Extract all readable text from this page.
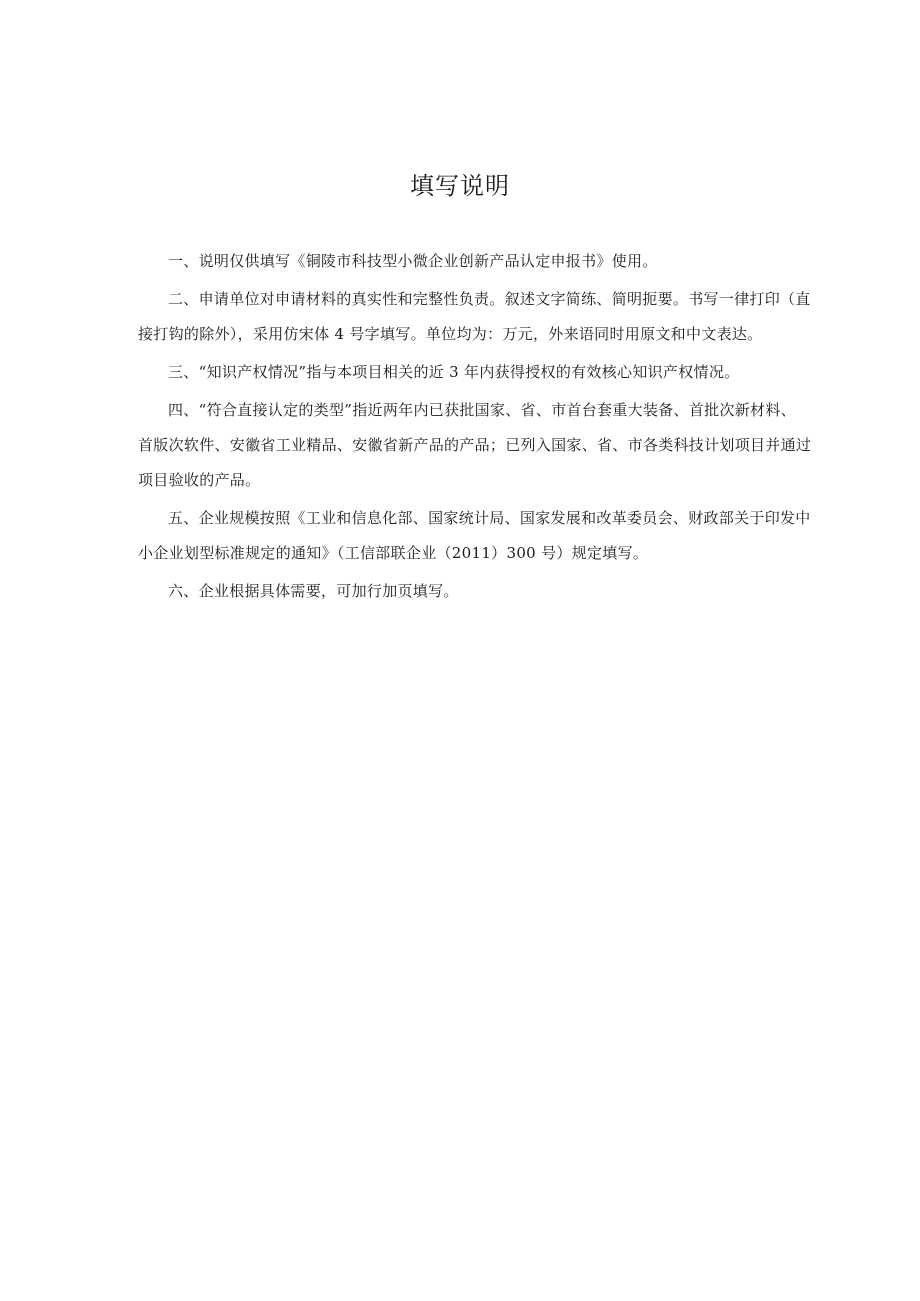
填写说明

一、说明仅供填写《铜陵市科技型小微企业创新产品认定申报书》使用。

二、申请单位对申请材料的真实性和完整性负责。叙述文字简练、简明扼要。书写一律打印（直
接打钩的除外），采用仿宋体 4 号字填写。单位均为：万元，外来语同时用原文和中文表达。

三、“知识产权情况”指与本项目相关的近 3 年内获得授权的有效核心知识产权情况。

四、“符合直接认定的类型”指近两年内已获批国家、省、市首台套重大装备、首批次新材料、
首版次软件、安徽省工业精品、安徽省新产品的产品；已列入国家、省、市各类科技计划项目并通过
项目验收的产品。

五、企业规模按照《工业和信息化部、国家统计局、国家发展和改革委员会、财政部关于印发中
小企业划型标准规定的通知》（工信部联企业（2011）300 号）规定填写。

六、企业根据具体需要，可加行加页填写。
